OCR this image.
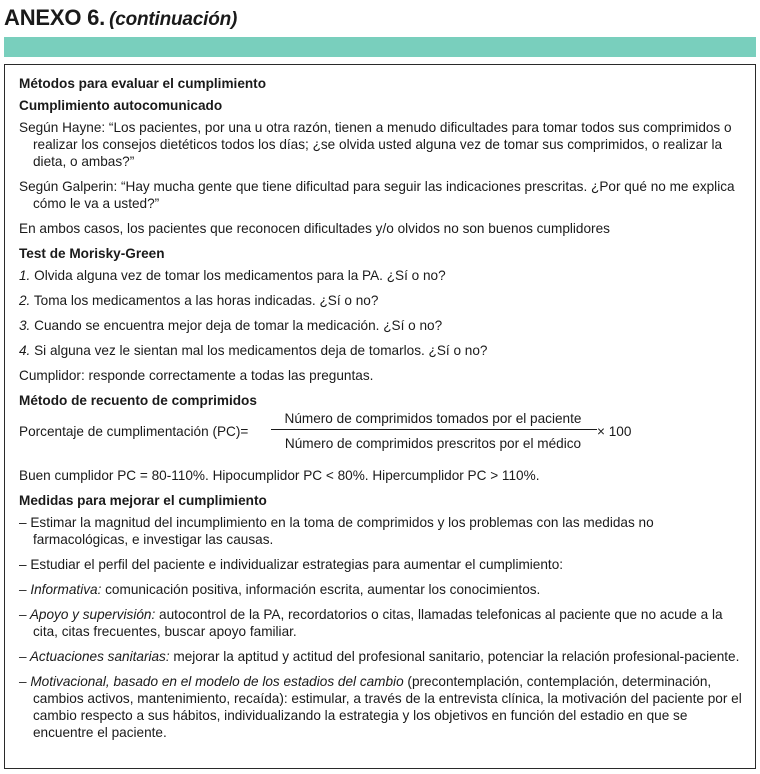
ANEXO 6. (continuación)

Métodos para evaluar el cumplimiento

Cumplimiento autocomunicado

Según Hayne: “Los pacientes, por una u otra razón, tienen a menudo dificultades para tomar todos sus comprimidos o realizar los consejos dietéticos todos los días; ¿se olvida usted alguna vez de tomar sus comprimidos, o realizar la dieta, o ambas?”

Según Galperin: “Hay mucha gente que tiene dificultad para seguir las indicaciones prescritas. ¿Por qué no me explica cómo le va a usted?”

En ambos casos, los pacientes que reconocen dificultades y/o olvidos no son buenos cumplidores

Test de Morisky-Green

1. Olvida alguna vez de tomar los medicamentos para la PA. ¿Sí o no?

2. Toma los medicamentos a las horas indicadas. ¿Sí o no?

3. Cuando se encuentra mejor deja de tomar la medicación. ¿Sí o no?

4. Si alguna vez le sientan mal los medicamentos deja de tomarlos. ¿Sí o no?

Cumplidor: responde correctamente a todas las preguntas.

Método de recuento de comprimidos

Porcentaje de cumplimentación (PC)=
Número de comprimidos tomados por el paciente
Número de comprimidos prescritos por el médico
× 100

Buen cumplidor PC = 80-110%. Hipocumplidor PC < 80%. Hipercumplidor PC > 110%.

Medidas para mejorar el cumplimiento

– Estimar la magnitud del incumplimiento en la toma de comprimidos y los problemas con las medidas no farmacológicas, e investigar las causas.

– Estudiar el perfil del paciente e individualizar estrategias para aumentar el cumplimiento:

– Informativa: comunicación positiva, información escrita, aumentar los conocimientos.

– Apoyo y supervisión: autocontrol de la PA, recordatorios o citas, llamadas telefonicas al paciente que no acude a la cita, citas frecuentes, buscar apoyo familiar.

– Actuaciones sanitarias: mejorar la aptitud y actitud del profesional sanitario, potenciar la relación profesional-paciente.

– Motivacional, basado en el modelo de los estadios del cambio (precontemplación, contemplación, determinación, cambios activos, mantenimiento, recaída): estimular, a través de la entrevista clínica, la motivación del paciente por el cambio respecto a sus hábitos, individualizando la estrategia y los objetivos en función del estadio en que se encuentre el paciente.
